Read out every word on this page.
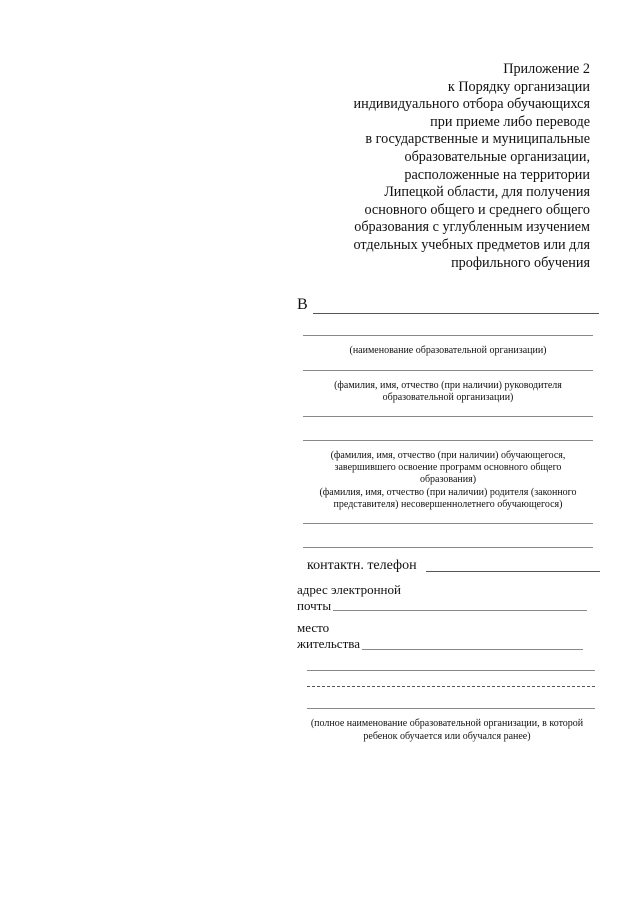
Приложение 2
к Порядку организации
индивидуального отбора обучающихся
при приеме либо переводе
в государственные и муниципальные
образовательные организации,
расположенные на территории
Липецкой области, для получения
основного общего и среднего общего
образования с углубленным изучением
отдельных учебных предметов или для
профильного обучения
В
(наименование образовательной организации)
(фамилия, имя, отчество (при наличии) руководителя
образовательной организации)
(фамилия, имя, отчество (при наличии) обучающегося,
завершившего освоение программ основного общего
образования)
(фамилия, имя, отчество (при наличии) родителя (законного
представителя) несовершеннолетнего обучающегося)
контактн. телефон
адрес электронной
почты
место
жительства
(полное наименование образовательной организации, в которой
ребенок обучается или обучался ранее)
